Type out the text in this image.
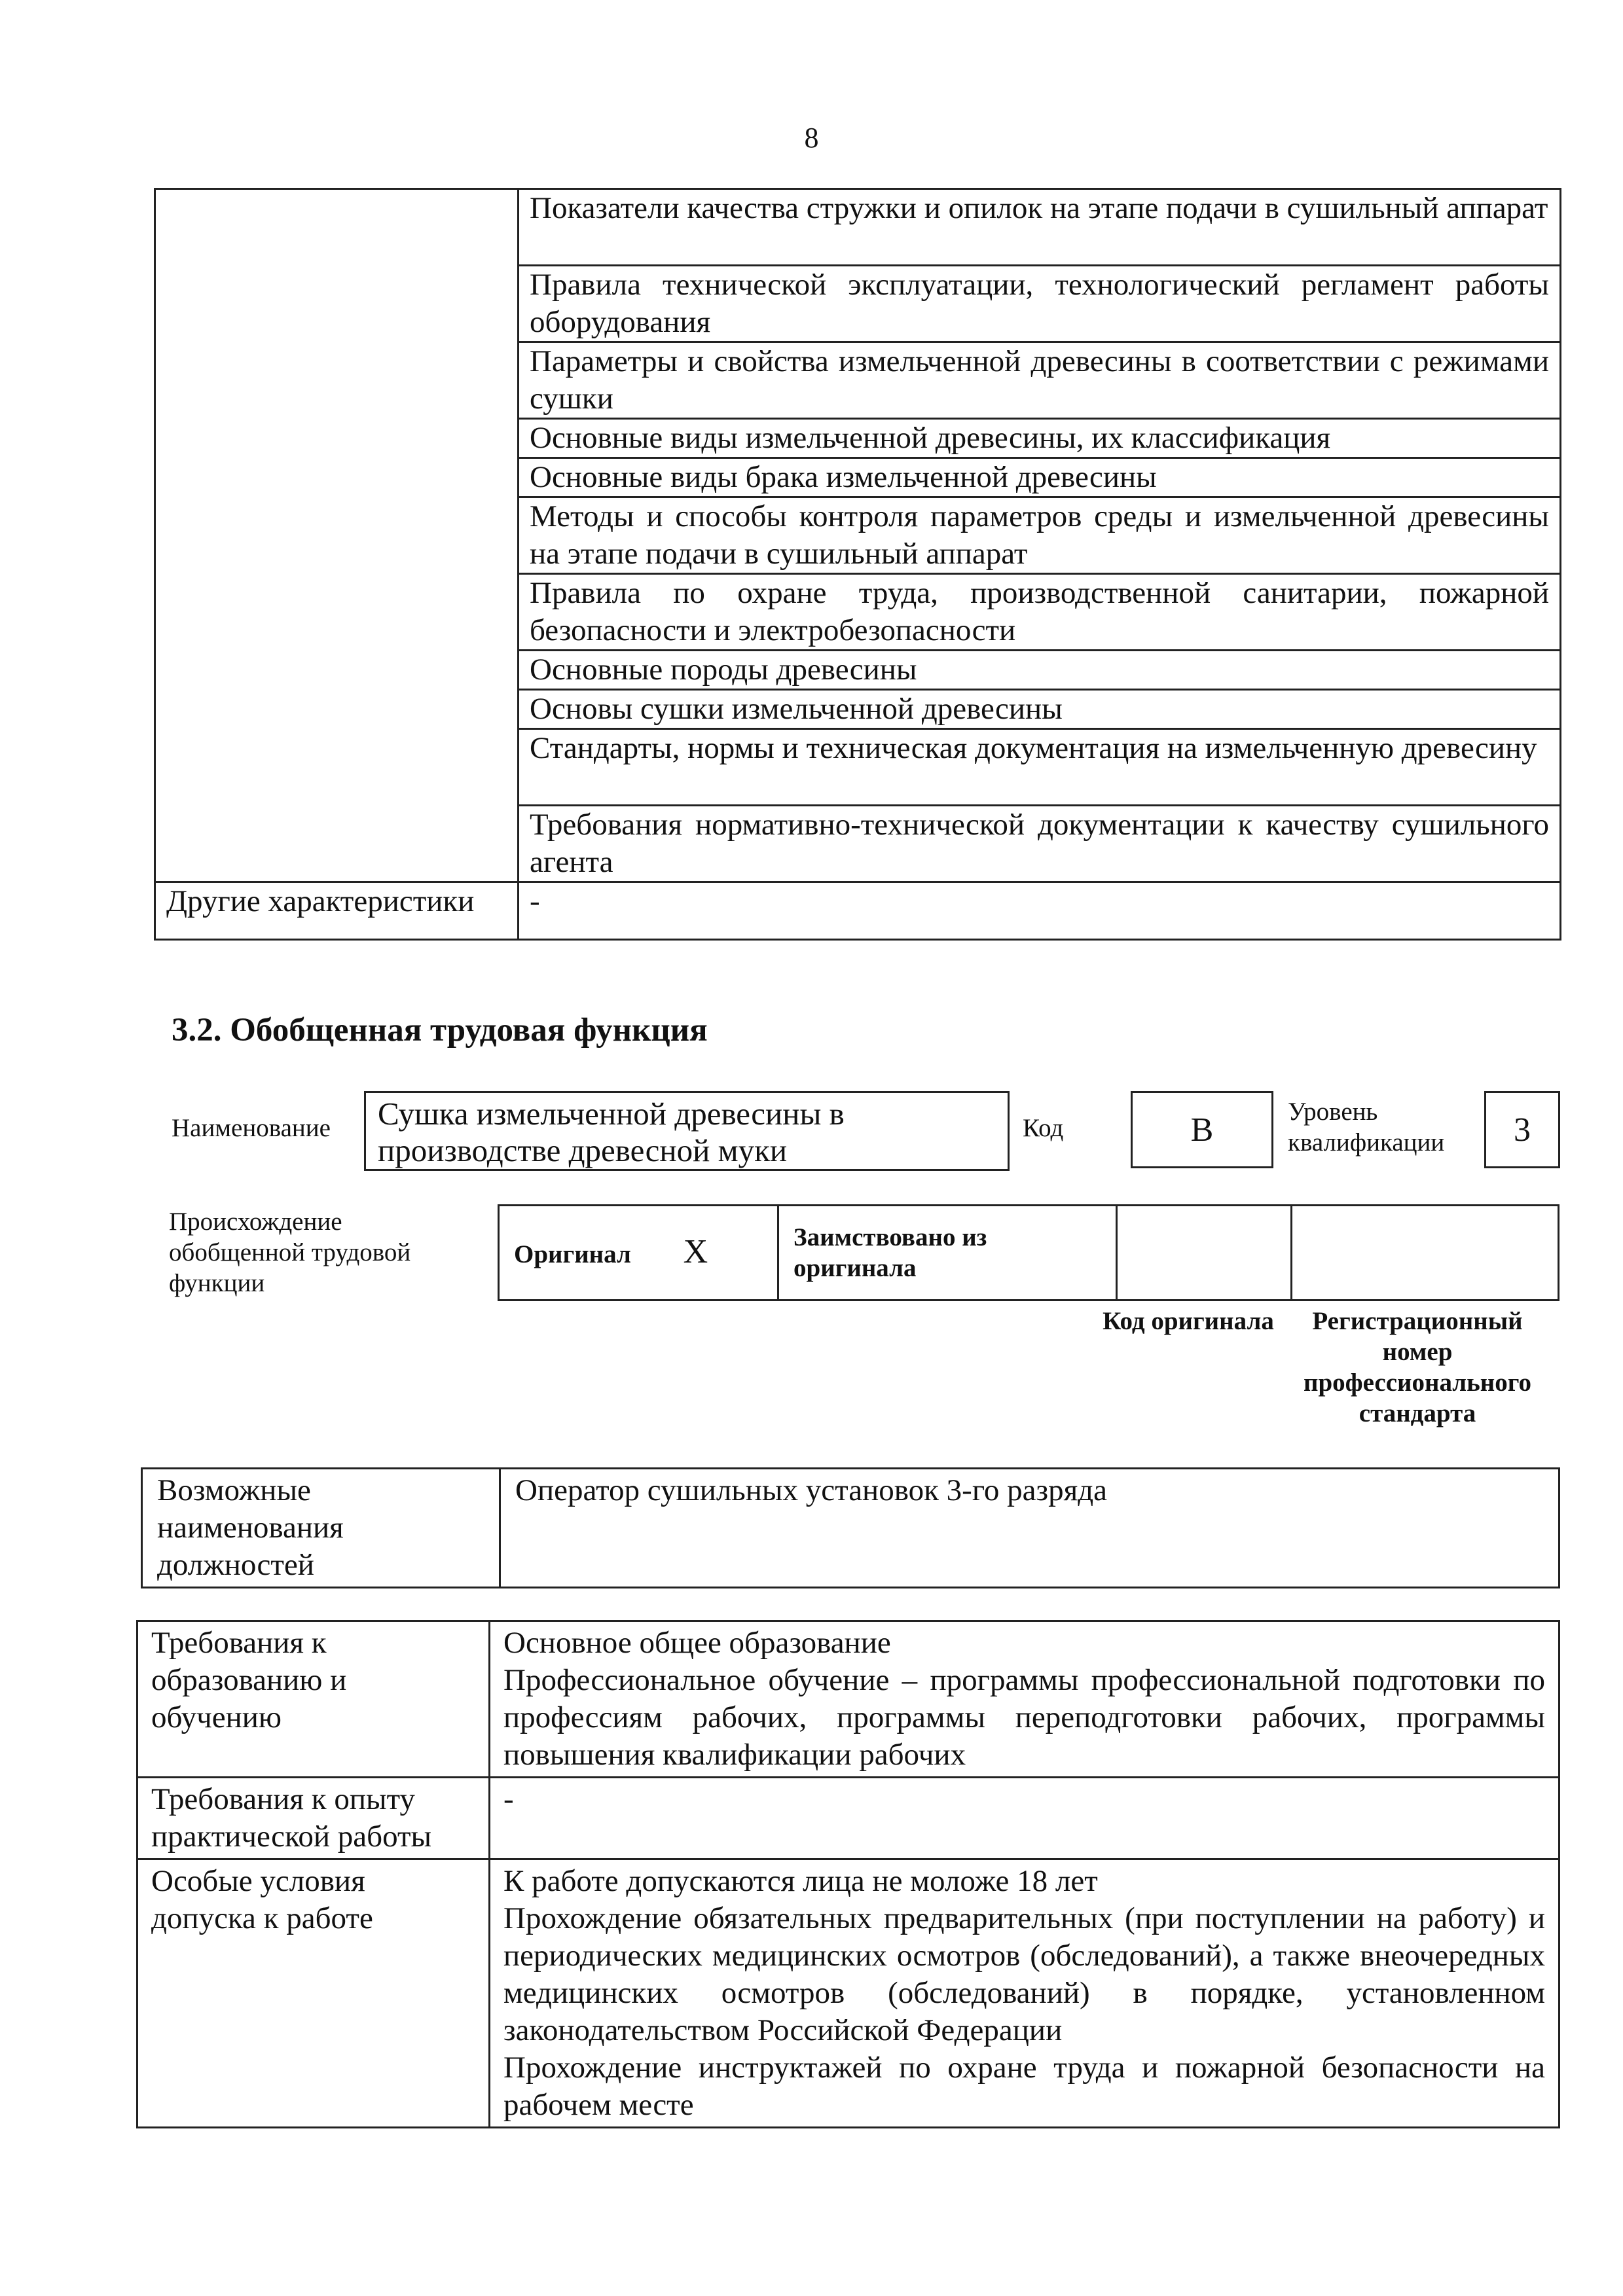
8
	Показатели качества стружки и опилок на этапе подачи в сушильный аппарат
	Правила технической эксплуатации, технологический регламент работы оборудования
	Параметры и свойства измельченной древесины в соответствии с режимами сушки
	Основные виды измельченной древесины, их классификация
	Основные виды брака измельченной древесины
	Методы и способы контроля параметров среды и измельченной древесины на этапе подачи в сушильный аппарат
	Правила по охране труда, производственной санитарии, пожарной безопасности и электробезопасности
	Основные породы древесины
	Основы сушки измельченной древесины
	Стандарты, нормы и техническая документация на измельченную древесину
	Требования нормативно-технической документации к качеству сушильного агента
Другие характеристики	-
3.2. Обобщенная трудовая функция
Наименование	Сушка измельченной древесины в производстве древесной муки
Код	B	Уровень квалификации	3
Происхождение обобщенной трудовой функции
Оригинал X	Заимствовано из оригинала		
Код оригинала	Регистрационный номер профессионального стандарта
Возможные наименования должностей	Оператор сушильных установок 3-го разряда
Требования к образованию и обучению	Основное общее образование
Профессиональное обучение – программы профессиональной подготовки по профессиям рабочих, программы переподготовки рабочих, программы повышения квалификации рабочих

Требования к опыту практической работы	-
Особые условия допуска к работе	К работе допускаются лица не моложе 18 лет
Прохождение обязательных предварительных (при поступлении на работу) и периодических медицинских осмотров (обследований), а также внеочередных медицинских осмотров (обследований) в порядке, установленном законодательством Российской Федерации
Прохождение инструктажей по охране труда и пожарной безопасности на рабочем месте
